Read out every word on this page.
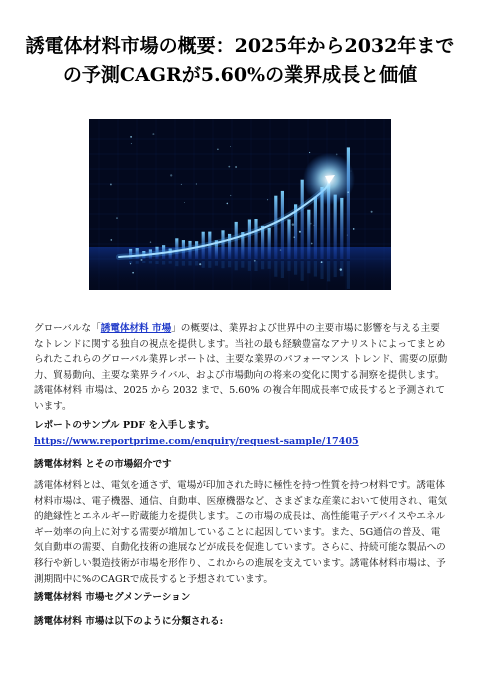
誘電体材料市場の概要：2025年から2032年までの予測CAGRが5.60%の業界成長と価値

グローバルな「誘電体材料 市場」の概要は、業界および世界中の主要市場に影響を与える主要なトレンドに関する独自の視点を提供します。当社の最も経験豊富なアナリストによってまとめられたこれらのグローバル業界レポートは、主要な業界のパフォーマンス トレンド、需要の原動力、貿易動向、主要な業界ライバル、および市場動向の将来の変化に関する洞察を提供します。誘電体材料 市場は、2025 から 2032 まで、5.60% の複合年間成長率で成長すると予測されています。

レポートのサンプル PDF を入手します。 https://www.reportprime.com/enquiry/request-sample/17405

誘電体材料 とその市場紹介です

誘電体材料とは、電気を通さず、電場が印加された時に極性を持つ性質を持つ材料です。誘電体材料市場は、電子機器、通信、自動車、医療機器など、さまざまな産業において使用され、電気的絶縁性とエネルギー貯蔵能力を提供します。この市場の成長は、高性能電子デバイスやエネルギー効率の向上に対する需要が増加していることに起因しています。また、5G通信の普及、電気自動車の需要、自動化技術の進展などが成長を促進しています。さらに、持続可能な製品への移行や新しい製造技術が市場を形作り、これからの進展を支えています。誘電体材料市場は、予測期間中に%のCAGRで成長すると予想されています。

誘電体材料 市場セグメンテーション

誘電体材料 市場は以下のように分類される:
